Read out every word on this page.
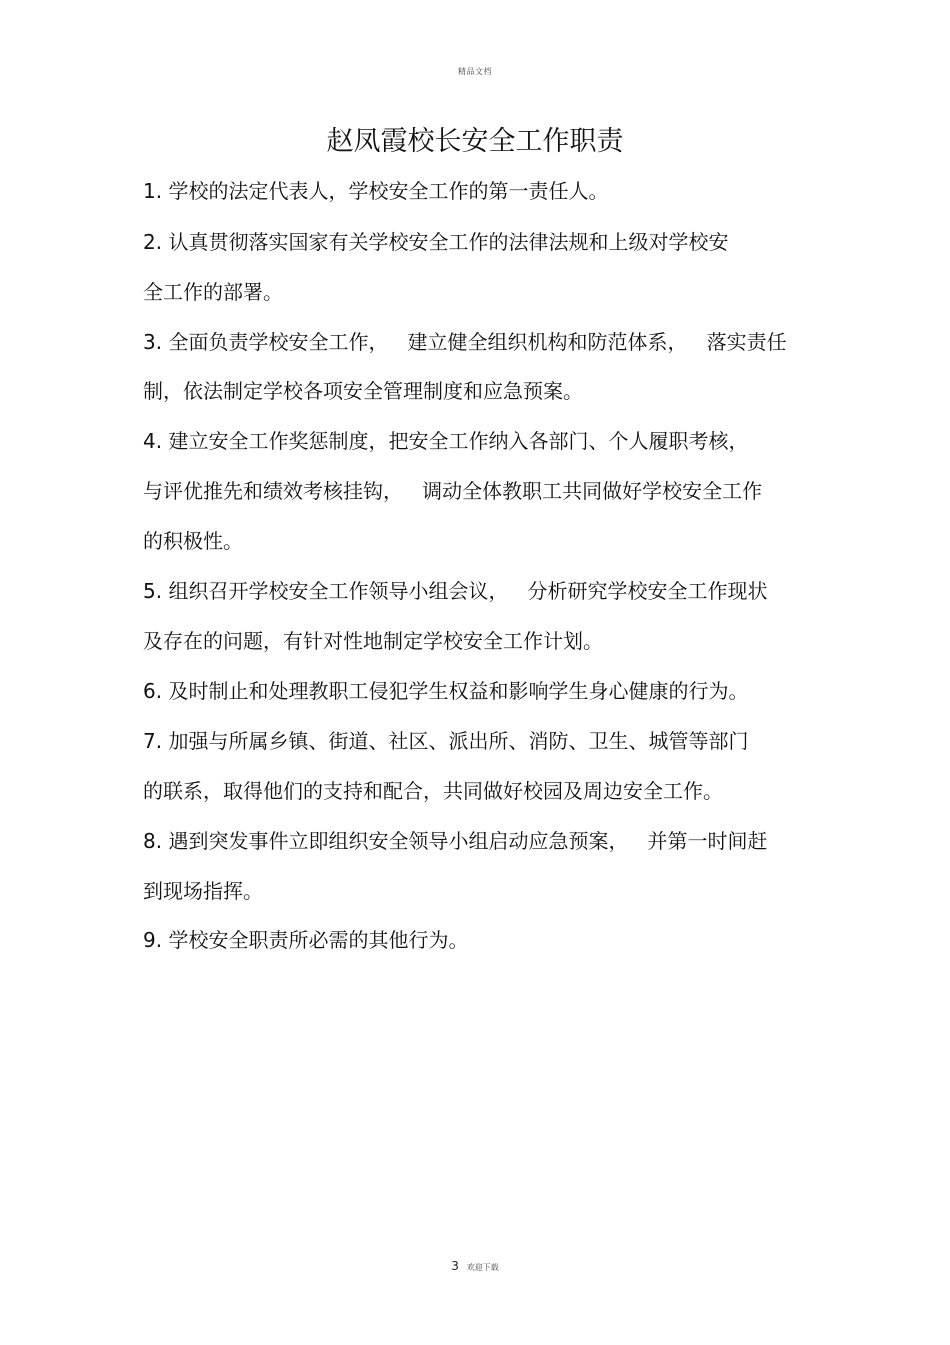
精品文档
赵凤霞校长安全工作职责
1. 学校的法定代表人，学校安全工作的第一责任人。
2. 认真贯彻落实国家有关学校安全工作的法律法规和上级对学校安
全工作的部署。
3. 全面负责学校安全工作，   建立健全组织机构和防范体系，   落实责任
制，依法制定学校各项安全管理制度和应急预案。
4. 建立安全工作奖惩制度，把安全工作纳入各部门、个人履职考核，
与评优推先和绩效考核挂钩，   调动全体教职工共同做好学校安全工作
的积极性。
5. 组织召开学校安全工作领导小组会议，   分析研究学校安全工作现状
及存在的问题，有针对性地制定学校安全工作计划。
6. 及时制止和处理教职工侵犯学生权益和影响学生身心健康的行为。
7. 加强与所属乡镇、街道、社区、派出所、消防、卫生、城管等部门
的联系，取得他们的支持和配合，共同做好校园及周边安全工作。
8. 遇到突发事件立即组织安全领导小组启动应急预案，   并第一时间赶
到现场指挥。
9. 学校安全职责所必需的其他行为。
3 欢迎下载
